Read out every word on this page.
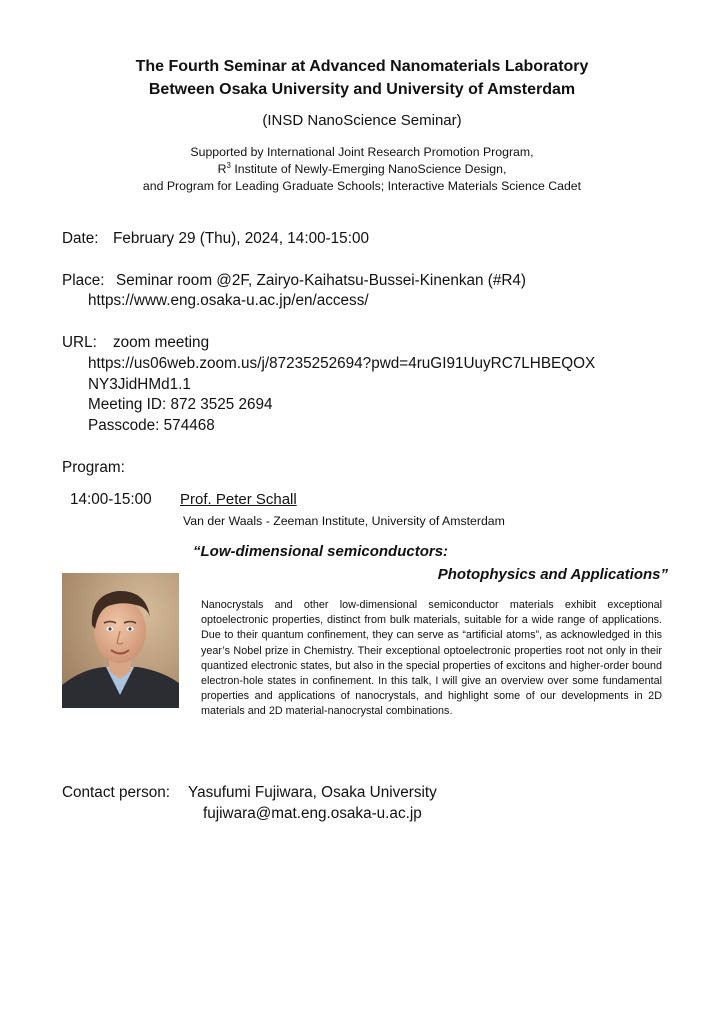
The Fourth Seminar at Advanced Nanomaterials Laboratory
Between Osaka University and University of Amsterdam
(INSD NanoScience Seminar)
Supported by International Joint Research Promotion Program,
$R^3$ Institute of Newly-Emerging NanoScience Design,
and Program for Leading Graduate Schools; Interactive Materials Science Cadet
Date: February 29 (Thu), 2024, 14:00-15:00
Place: Seminar room @2F, Zairyo-Kaihatsu-Bussei-Kinenkan (#R4)
https://www.eng.osaka-u.ac.jp/en/access/
URL: zoom meeting
https://us06web.zoom.us/j/87235252694?pwd=4ruGI91UuyRC7LHBEQOX
NY3JidHMd1.1
Meeting ID: 872 3525 2694
Passcode: 574468
Program:
14:00-15:00 Prof. Peter Schall
Van der Waals - Zeeman Institute, University of Amsterdam
“Low-dimensional semiconductors:
Photophysics and Applications”
Nanocrystals and other low-dimensional semiconductor materials exhibit exceptional optoelectronic properties, distinct from bulk materials, suitable for a wide range of applications. Due to their quantum confinement, they can serve as “artificial atoms”, as acknowledged in this year’s Nobel prize in Chemistry. Their exceptional optoelectronic properties root not only in their quantized electronic states, but also in the special properties of excitons and higher-order bound electron-hole states in confinement. In this talk, I will give an overview over some fundamental properties and applications of nanocrystals, and highlight some of our developments in 2D materials and 2D material-nanocrystal combinations.
Contact person: Yasufumi Fujiwara, Osaka University
fujiwara@mat.eng.osaka-u.ac.jp
